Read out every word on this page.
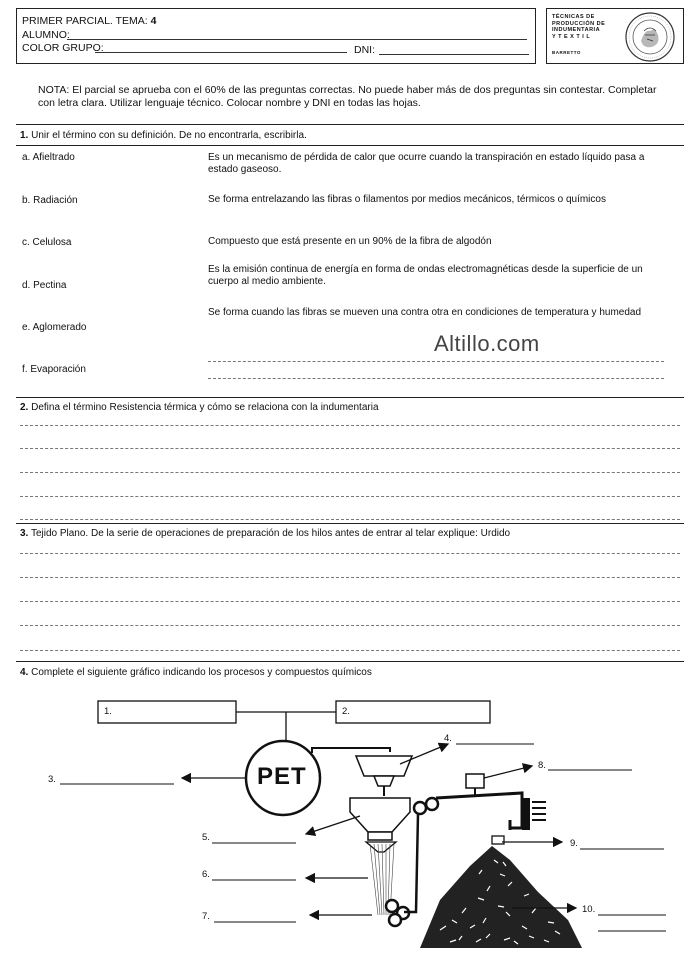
PRIMER PARCIAL. TEMA: 4
ALUMNO:
COLOR GRUPO:	DNI:
TÉCNICAS DE
PRODUCCIÓN DE
INDUMENTARIA
Y T E X T I L
BARRETTO
NOTA: El parcial se aprueba con el 60% de las preguntas correctas. No puede haber más de dos preguntas sin contestar. Completar con letra clara. Utilizar lenguaje técnico. Colocar nombre y DNI en todas las hojas.
1. Unir el término con su definición. De no encontrarla, escribirla.
a. Afieltrado
b. Radiación
c. Celulosa
d. Pectina
e. Aglomerado
f. Evaporación
Es un mecanismo de pérdida de calor que ocurre cuando la transpiración en estado líquido pasa a estado gaseoso.
Se forma entrelazando las fibras o filamentos por medios mecánicos, térmicos o químicos
Compuesto que está presente en un 90% de la fibra de algodón
Es la emisión continua de energía en forma de ondas electromagnéticas desde la superficie de un cuerpo al medio ambiente.
Se forma cuando las fibras se mueven una contra otra en condiciones de temperatura y humedad
Altillo.com
2. Defina el término Resistencia térmica y cómo se relaciona con la indumentaria
3. Tejido Plano. De la serie de operaciones de preparación de los hilos antes de entrar al telar explique: Urdido
4. Complete el siguiente gráfico indicando los procesos y compuestos químicos
1.	2.
3.
4.
8.
5.
9.
6.
10.
7.
PET
